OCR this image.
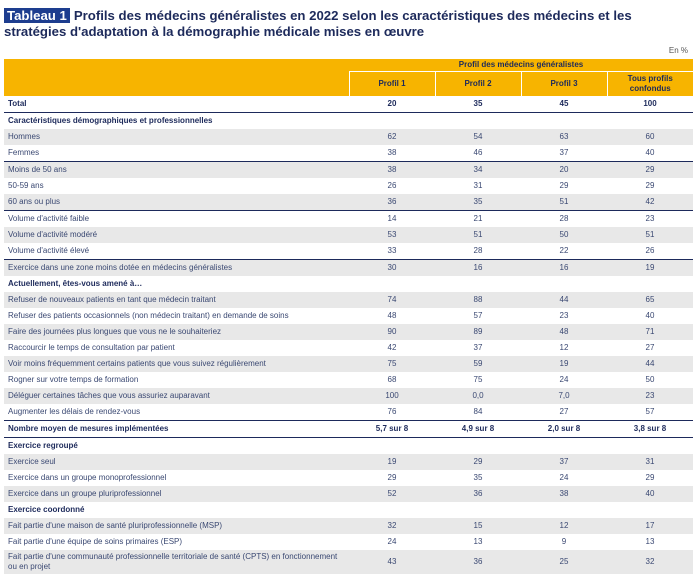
Tableau 1 Profils des médecins généralistes en 2022 selon les caractéristiques des médecins et les stratégies d'adaptation à la démographie médicale mises en œuvre
En %
	Profil des médecins généralistes			
	Profil 1	Profil 2	Profil 3	Tous profils confondus
Total	20	35	45	100
Caractéristiques démographiques et professionnelles				
Hommes	62	54	63	60
Femmes	38	46	37	40
Moins de 50 ans	38	34	20	29
50-59 ans	26	31	29	29
60 ans ou plus	36	35	51	42
Volume d'activité faible	14	21	28	23
Volume d'activité modéré	53	51	50	51
Volume d'activité élevé	33	28	22	26
Exercice dans une zone moins dotée en médecins généralistes	30	16	16	19
Actuellement, êtes-vous amené à…				
Refuser de nouveaux patients en tant que médecin traitant	74	88	44	65
Refuser des patients occasionnels (non médecin traitant) en demande de soins	48	57	23	40
Faire des journées plus longues que vous ne le souhaiteriez	90	89	48	71
Raccourcir le temps de consultation par patient	42	37	12	27
Voir moins fréquemment certains patients que vous suivez régulièrement	75	59	19	44
Rogner sur votre temps de formation	68	75	24	50
Déléguer certaines tâches que vous assuriez auparavant	100	0,0	7,0	23
Augmenter les délais de rendez-vous	76	84	27	57
Nombre moyen de mesures implémentées	5,7 sur 8	4,9 sur 8	2,0 sur 8	3,8 sur 8
Exercice regroupé				
Exercice seul	19	29	37	31
Exercice dans un groupe monoprofessionnel	29	35	24	29
Exercice dans un groupe pluriprofessionnel	52	36	38	40
Exercice coordonné				
Fait partie d'une maison de santé pluriprofessionnelle (MSP)	32	15	12	17
Fait partie d'une équipe de soins primaires (ESP)	24	13	9	13
Fait partie d'une communauté professionnelle territoriale de santé (CPTS) en fonctionnement ou en projet	43	36	25	32
